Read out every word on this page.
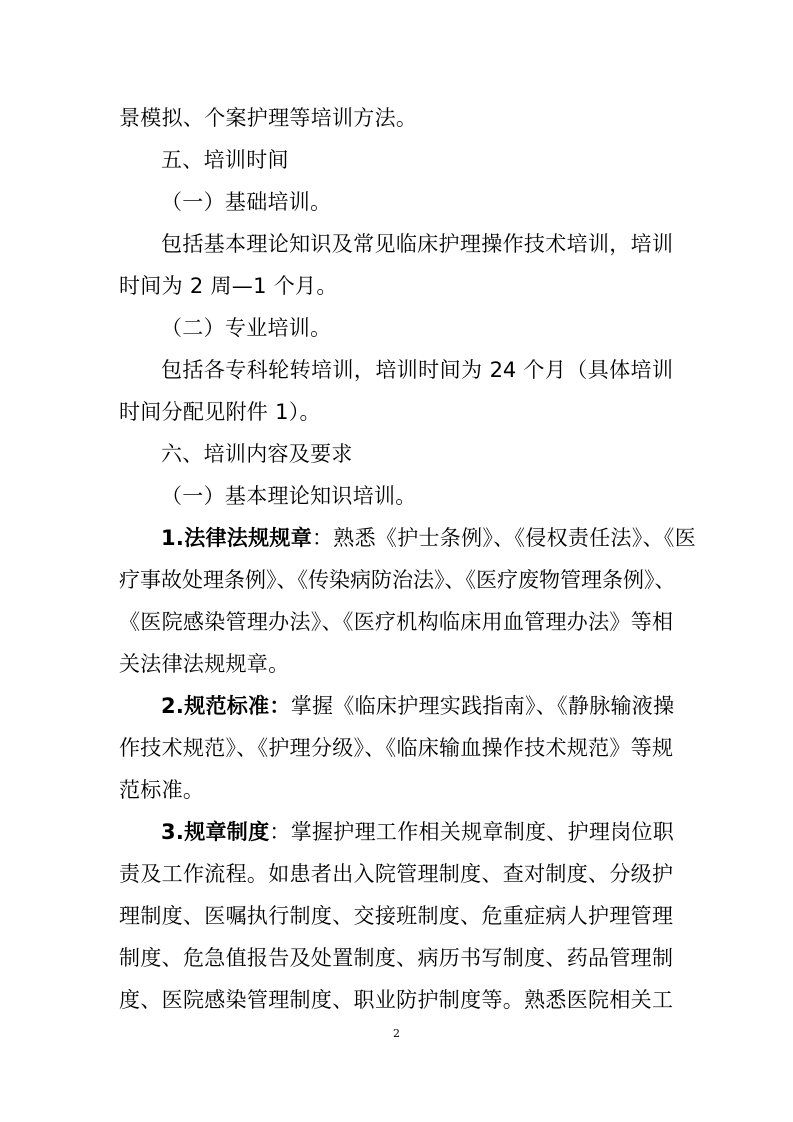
景模拟、个案护理等培训方法。
五、培训时间
（一）基础培训。
包括基本理论知识及常见临床护理操作技术培训，培训
时间为 2 周—1 个月。
（二）专业培训。
包括各专科轮转培训，培训时间为 24 个月（具体培训
时间分配见附件 1）。
六、培训内容及要求
（一）基本理论知识培训。
1.法律法规规章：熟悉《护士条例》、《侵权责任法》、《医
疗事故处理条例》、《传染病防治法》、《医疗废物管理条例》、
《医院感染管理办法》、《医疗机构临床用血管理办法》等相
关法律法规规章。
2.规范标准：掌握《临床护理实践指南》、《静脉输液操
作技术规范》、《护理分级》、《临床输血操作技术规范》等规
范标准。
3.规章制度：掌握护理工作相关规章制度、护理岗位职
责及工作流程。如患者出入院管理制度、查对制度、分级护
理制度、医嘱执行制度、交接班制度、危重症病人护理管理
制度、危急值报告及处置制度、病历书写制度、药品管理制
度、医院感染管理制度、职业防护制度等。熟悉医院相关工
2
